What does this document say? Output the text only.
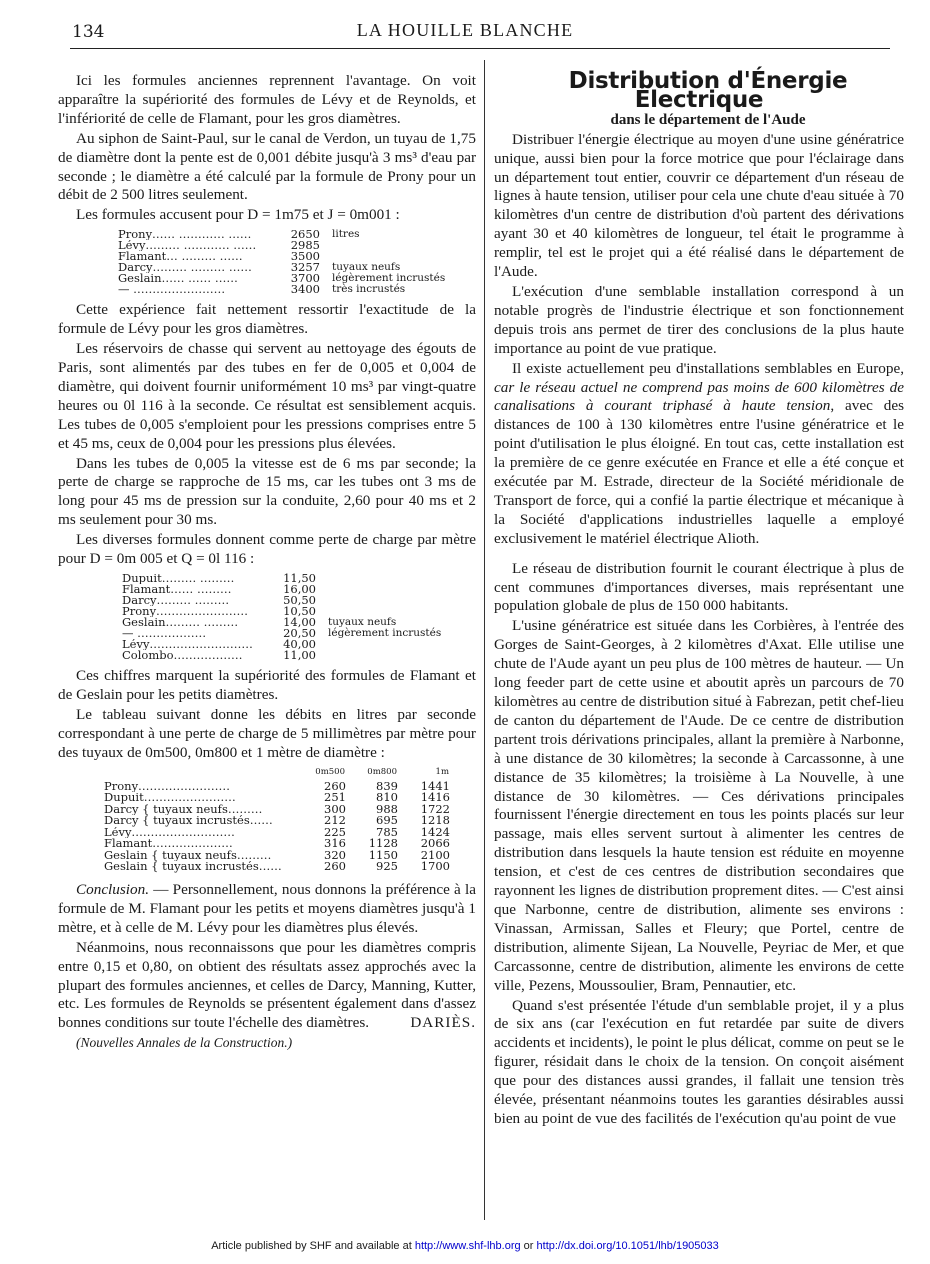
134	LA HOUILLE BLANCHE

Ici les formules anciennes reprennent l'avantage. On voit apparaître la supériorité des formules de Lévy et de Reynolds, et l'infériorité de celle de Flamant, pour les gros diamètres.

Au siphon de Saint-Paul, sur le canal de Verdon, un tuyau de 1,75 de diamètre dont la pente est de 0,001 débite jusqu'à 3 ms³ d'eau par seconde ; le diamètre a été calculé par la formule de Prony pour un débit de 2 500 litres seulement.

Les formules accusent pour D = 1m75 et J = 0m001 :

Prony…… ………… ……	2650	litres
Lévy……… ………… ……	2985	
Flamant… ……… ……	3500	
Darcy……… ……… ……	3257	tuyaux neufs
Geslain…… …… ……	3700	légèrement incrustés
— ……………………	3400	très incrustés

Cette expérience fait nettement ressortir l'exactitude de la formule de Lévy pour les gros diamètres.

Les réservoirs de chasse qui servent au nettoyage des égouts de Paris, sont alimentés par des tubes en fer de 0,005 et 0,004 de diamètre, qui doivent fournir uniformément 10 ms³ par vingt-quatre heures ou 0l 116 à la seconde. Ce résultat est sensiblement acquis. Les tubes de 0,005 s'emploient pour les pressions comprises entre 5 et 45 ms, ceux de 0,004 pour les pressions plus élevées.

Dans les tubes de 0,005 la vitesse est de 6 ms par seconde; la perte de charge se rapproche de 15 ms, car les tubes ont 3 ms de long pour 45 ms de pression sur la conduite, 2,60 pour 40 ms et 2 ms seulement pour 30 ms.

Les diverses formules donnent comme perte de charge par mètre pour D = 0m 005 et Q = 0l 116 :

Dupuit……… ………	11,50	
Flamant…… ………	16,00	
Darcy……… ………	50,50	
Prony……………………	10,50	
Geslain……… ………	14,00	tuyaux neufs
— ………………	20,50	légèrement incrustés
Lévy………………………	40,00	
Colombo………………	11,00	

Ces chiffres marquent la supériorité des formules de Flamant et de Geslain pour les petits diamètres.

Le tableau suivant donne les débits en litres par seconde correspondant à une perte de charge de 5 millimètres par mètre pour des tuyaux de 0m500, 0m800 et 1 mètre de diamètre :

	0m500	0m800	1m
Prony……………………	260	839	1441
Dupuit……………………	251	810	1416
Darcy { tuyaux neufs………	300	988	1722
Darcy { tuyaux incrustés……	212	695	1218
Lévy………………………	225	785	1424
Flamant…………………	316	1128	2066
Geslain { tuyaux neufs………	320	1150	2100
Geslain { tuyaux incrustés……	260	925	1700

Conclusion. — Personnellement, nous donnons la préférence à la formule de M. Flamant pour les petits et moyens diamètres jusqu'à 1 mètre, et à celle de M. Lévy pour les diamètres plus élevés.

Néanmoins, nous reconnaissons que pour les diamètres compris entre 0,15 et 0,80, on obtient des résultats assez approchés avec la plupart des formules anciennes, et celles de Darcy, Manning, Kutter, etc. Les formules de Reynolds se présentent également dans d'assez bonnes conditions sur toute l'échelle des diamètres.	DARIÈS.

(Nouvelles Annales de la Construction.)

Distribution d'Énergie Électrique

dans le département de l'Aude

Distribuer l'énergie électrique au moyen d'une usine génératrice unique, aussi bien pour la force motrice que pour l'éclairage dans un département tout entier, couvrir ce département d'un réseau de lignes à haute tension, utiliser pour cela une chute d'eau située à 70 kilomètres d'un centre de distribution d'où partent des dérivations ayant 30 et 40 kilomètres de longueur, tel était le programme à remplir, tel est le projet qui a été réalisé dans le département de l'Aude.

L'exécution d'une semblable installation correspond à un notable progrès de l'industrie électrique et son fonctionnement depuis trois ans permet de tirer des conclusions de la plus haute importance au point de vue pratique.

Il existe actuellement peu d'installations semblables en Europe, car le réseau actuel ne comprend pas moins de 600 kilomètres de canalisations à courant triphasé à haute tension, avec des distances de 100 à 130 kilomètres entre l'usine génératrice et le point d'utilisation le plus éloigné. En tout cas, cette installation est la première de ce genre exécutée en France et elle a été conçue et exécutée par M. Estrade, directeur de la Société méridionale de Transport de force, qui a confié la partie électrique et mécanique à la Société d'applications industrielles laquelle a employé exclusivement le matériel électrique Alioth.

Le réseau de distribution fournit le courant électrique à plus de cent communes d'importances diverses, mais représentant une population globale de plus de 150 000 habitants.

L'usine génératrice est située dans les Corbières, à l'entrée des Gorges de Saint-Georges, à 2 kilomètres d'Axat. Elle utilise une chute de l'Aude ayant un peu plus de 100 mètres de hauteur. — Un long feeder part de cette usine et aboutit après un parcours de 70 kilomètres au centre de distribution situé à Fabrezan, petit chef-lieu de canton du département de l'Aude. De ce centre de distribution partent trois dérivations principales, allant la première à Narbonne, à une distance de 30 kilomètres; la seconde à Carcassonne, à une distance de 35 kilomètres; la troisième à La Nouvelle, à une distance de 30 kilomètres. — Ces dérivations principales fournissent l'énergie directement en tous les points placés sur leur passage, mais elles servent surtout à alimenter les centres de distribution dans lesquels la haute tension est réduite en moyenne tension, et c'est de ces centres de distribution secondaires que rayonnent les lignes de distribution proprement dites. — C'est ainsi que Narbonne, centre de distribution, alimente ses environs : Vinassan, Armissan, Salles et Fleury; que Portel, centre de distribution, alimente Sijean, La Nouvelle, Peyriac de Mer, et que Carcassonne, centre de distribution, alimente les environs de cette ville, Pezens, Moussoulier, Bram, Pennautier, etc.

Quand s'est présentée l'étude d'un semblable projet, il y a plus de six ans (car l'exécution en fut retardée par suite de divers accidents et incidents), le point le plus délicat, comme on peut se le figurer, résidait dans le choix de la tension. On conçoit aisément que pour des distances aussi grandes, il fallait une tension très élevée, présentant néanmoins toutes les garanties désirables aussi bien au point de vue des facilités de l'exécution qu'au point de vue

Article published by SHF and available at http://www.shf-lhb.org or http://dx.doi.org/10.1051/lhb/1905033
